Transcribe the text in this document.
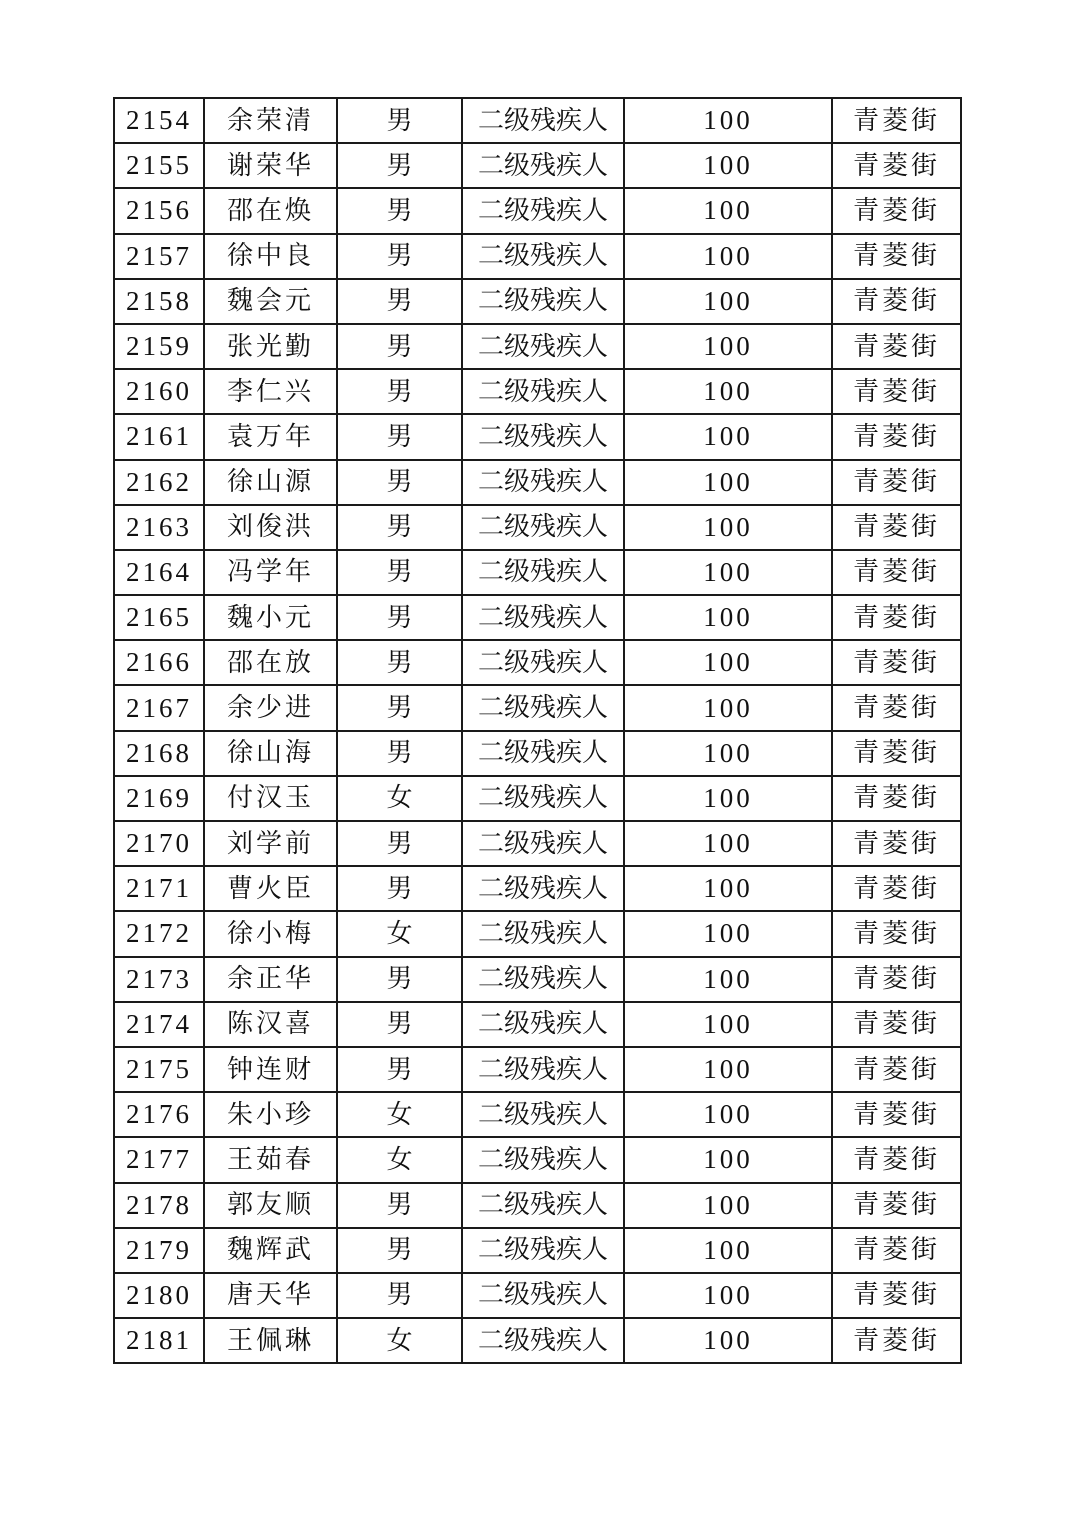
2154	余荣清	男	二级残疾人	100	青菱街
2155	谢荣华	男	二级残疾人	100	青菱街
2156	邵在焕	男	二级残疾人	100	青菱街
2157	徐中良	男	二级残疾人	100	青菱街
2158	魏会元	男	二级残疾人	100	青菱街
2159	张光勤	男	二级残疾人	100	青菱街
2160	李仁兴	男	二级残疾人	100	青菱街
2161	袁万年	男	二级残疾人	100	青菱街
2162	徐山源	男	二级残疾人	100	青菱街
2163	刘俊洪	男	二级残疾人	100	青菱街
2164	冯学年	男	二级残疾人	100	青菱街
2165	魏小元	男	二级残疾人	100	青菱街
2166	邵在放	男	二级残疾人	100	青菱街
2167	余少进	男	二级残疾人	100	青菱街
2168	徐山海	男	二级残疾人	100	青菱街
2169	付汉玉	女	二级残疾人	100	青菱街
2170	刘学前	男	二级残疾人	100	青菱街
2171	曹火臣	男	二级残疾人	100	青菱街
2172	徐小梅	女	二级残疾人	100	青菱街
2173	余正华	男	二级残疾人	100	青菱街
2174	陈汉喜	男	二级残疾人	100	青菱街
2175	钟连财	男	二级残疾人	100	青菱街
2176	朱小珍	女	二级残疾人	100	青菱街
2177	王茹春	女	二级残疾人	100	青菱街
2178	郭友顺	男	二级残疾人	100	青菱街
2179	魏辉武	男	二级残疾人	100	青菱街
2180	唐天华	男	二级残疾人	100	青菱街
2181	王佩琳	女	二级残疾人	100	青菱街
